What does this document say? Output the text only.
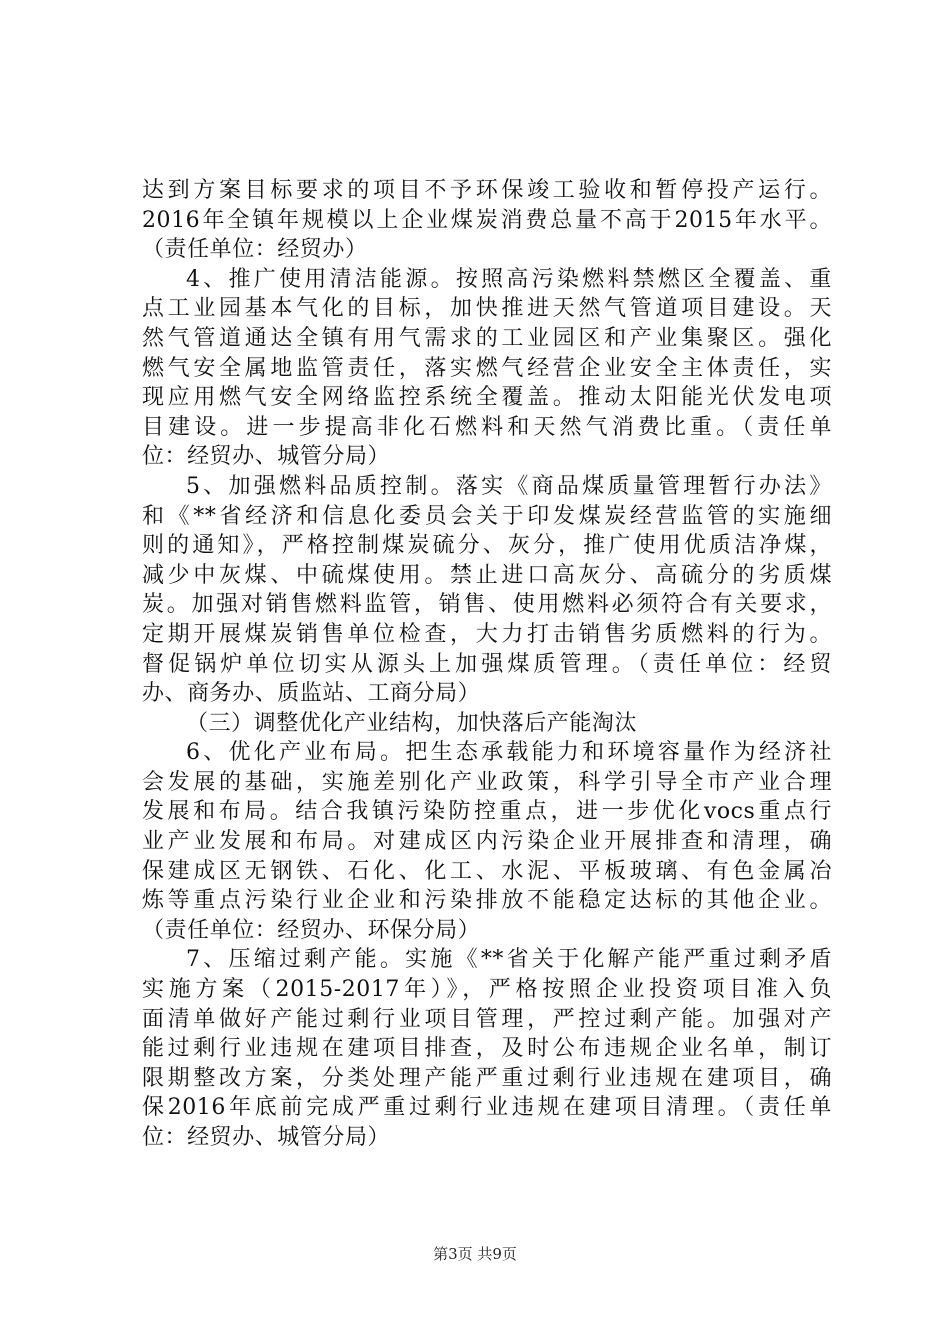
达到方案目标要求的项目不予环保竣工验收和暂停投产运行。
2016年全镇年规模以上企业煤炭消费总量不高于2015年水平。
（责任单位：经贸办）
4、推广使用清洁能源。按照高污染燃料禁燃区全覆盖、重
点工业园基本气化的目标，加快推进天然气管道项目建设。天
然气管道通达全镇有用气需求的工业园区和产业集聚区。强化
燃气安全属地监管责任，落实燃气经营企业安全主体责任，实
现应用燃气安全网络监控系统全覆盖。推动太阳能光伏发电项
目建设。进一步提高非化石燃料和天然气消费比重。（责任单
位：经贸办、城管分局）
5、加强燃料品质控制。落实《商品煤质量管理暂行办法》
和《**省经济和信息化委员会关于印发煤炭经营监管的实施细
则的通知》，严格控制煤炭硫分、灰分，推广使用优质洁净煤，
减少中灰煤、中硫煤使用。禁止进口高灰分、高硫分的劣质煤
炭。加强对销售燃料监管，销售、使用燃料必须符合有关要求，
定期开展煤炭销售单位检查，大力打击销售劣质燃料的行为。
督促锅炉单位切实从源头上加强煤质管理。（责任单位：经贸
办、商务办、质监站、工商分局）
（三）调整优化产业结构，加快落后产能淘汰
6、优化产业布局。把生态承载能力和环境容量作为经济社
会发展的基础，实施差别化产业政策，科学引导全市产业合理
发展和布局。结合我镇污染防控重点，进一步优化vocs重点行
业产业发展和布局。对建成区内污染企业开展排查和清理，确
保建成区无钢铁、石化、化工、水泥、平板玻璃、有色金属冶
炼等重点污染行业企业和污染排放不能稳定达标的其他企业。
（责任单位：经贸办、环保分局）
7、压缩过剩产能。实施《**省关于化解产能严重过剩矛盾
实施方案（2015-2017年）》，严格按照企业投资项目准入负
面清单做好产能过剩行业项目管理，严控过剩产能。加强对产
能过剩行业违规在建项目排查，及时公布违规企业名单，制订
限期整改方案，分类处理产能严重过剩行业违规在建项目，确
保2016年底前完成严重过剩行业违规在建项目清理。（责任单
位：经贸办、城管分局）
第3页 共9页
